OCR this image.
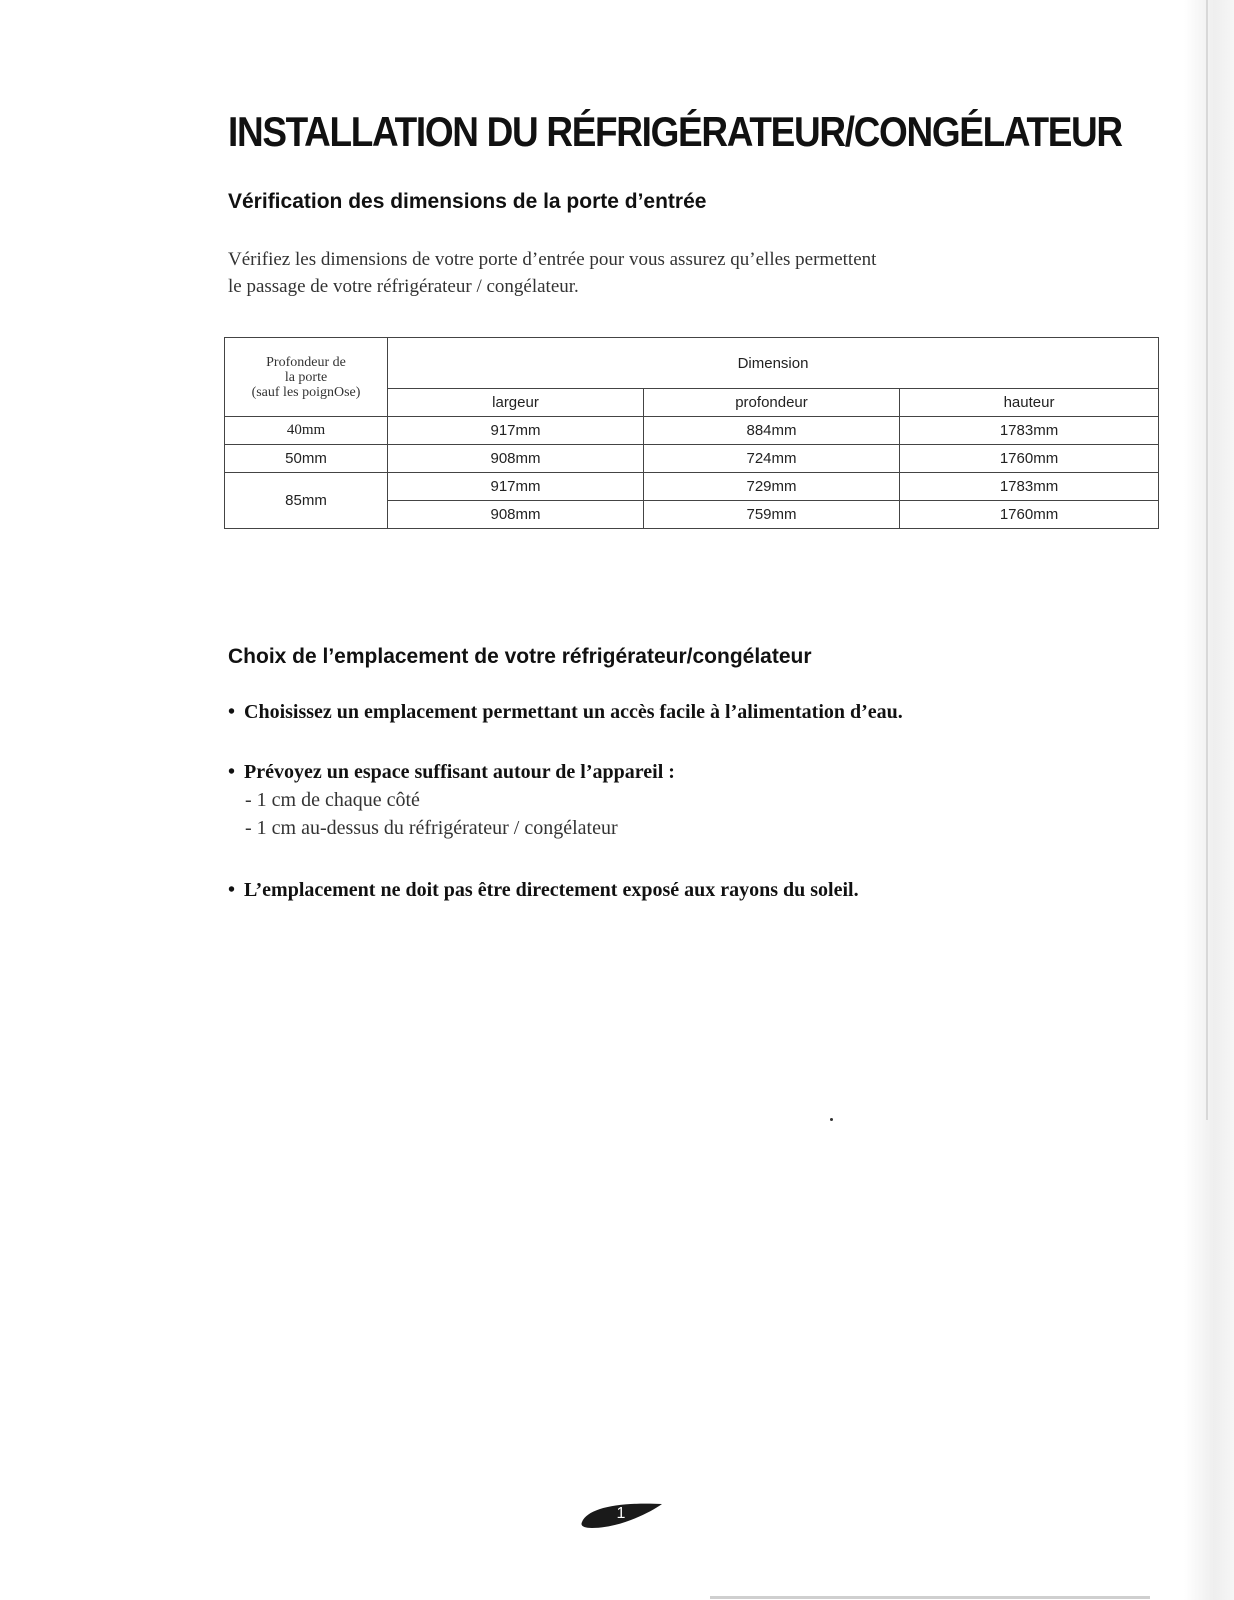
INSTALLATION DU RÉFRIGÉRATEUR/CONGÉLATEUR
Vérification des dimensions de la porte d’entrée

Vérifiez les dimensions de votre porte d’entrée pour vous assurez qu’elles permettent
le passage de votre réfrigérateur / congélateur.

Profondeur de
la porte
(sauf les poignOse)	Dimension		
	largeur	profondeur	hauteur
40mm	917mm	884mm	1783mm
50mm	908mm	724mm	1760mm
85mm	917mm	729mm	1783mm
	908mm	759mm	1760mm
Choix de l’emplacement de votre réfrigérateur/congélateur
• Choisissez un emplacement permettant un accès facile à l’alimentation d’eau.
• Prévoyez un espace suffisant autour de l’appareil :
- 1 cm de chaque côté
- 1 cm au-dessus du réfrigérateur / congélateur
• L’emplacement ne doit pas être directement exposé aux rayons du soleil.
1
